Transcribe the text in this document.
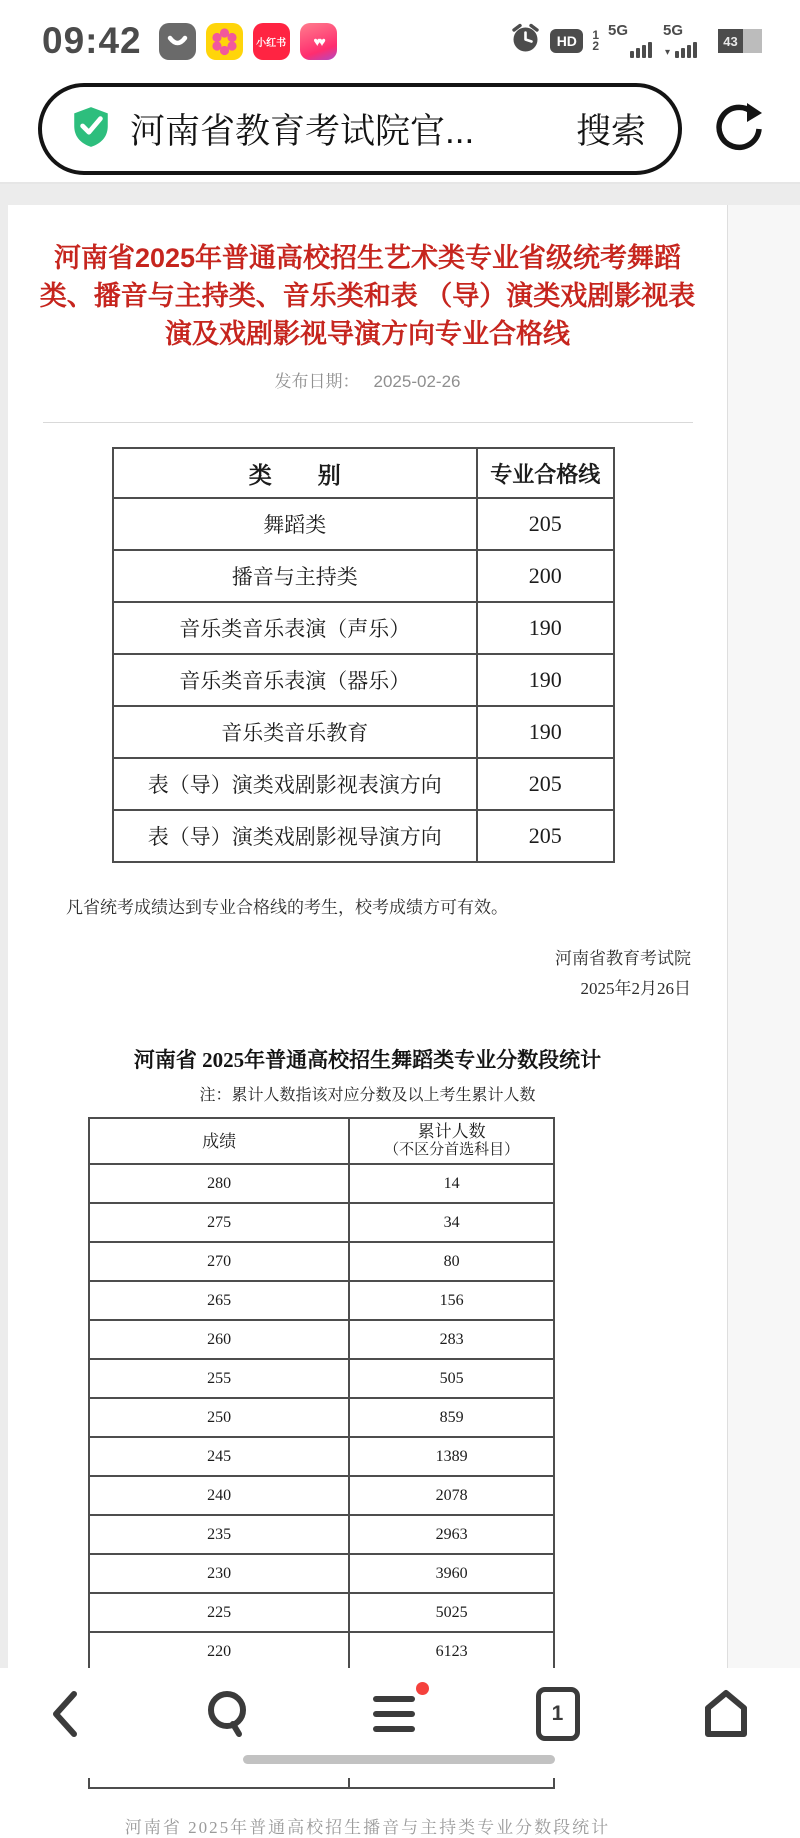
09:42	小红书 ♥♥	HD	1
2
5G 5G
▾
43
河南省教育考试院官...	搜索
河南省2025年普通高校招生艺术类专业省级统考舞蹈类、播音与主持类、音乐类和表 （导）演类戏剧影视表演及戏剧影视导演方向专业合格线
发布日期： 2025-02-26
类　　别	专业合格线
舞蹈类	205
播音与主持类	200
音乐类音乐表演（声乐）	190
音乐类音乐表演（器乐）	190
音乐类音乐教育	190
表（导）演类戏剧影视表演方向	205
表（导）演类戏剧影视导演方向	205
凡省统考成绩达到专业合格线的考生，校考成绩方可有效。
河南省教育考试院
2025年2月26日
河南省 2025年普通高校招生舞蹈类专业分数段统计
注：累计人数指该对应分数及以上考生累计人数
成绩	累计人数
（不区分首选科目）

280	14
275	34
270	80
265	156
260	283
255	505
250	859
245	1389
240	2078
235	2963
230	3960
225	5025
220	6123

河南省 2025年普通高校招生播音与主持类专业分数段统计
1
